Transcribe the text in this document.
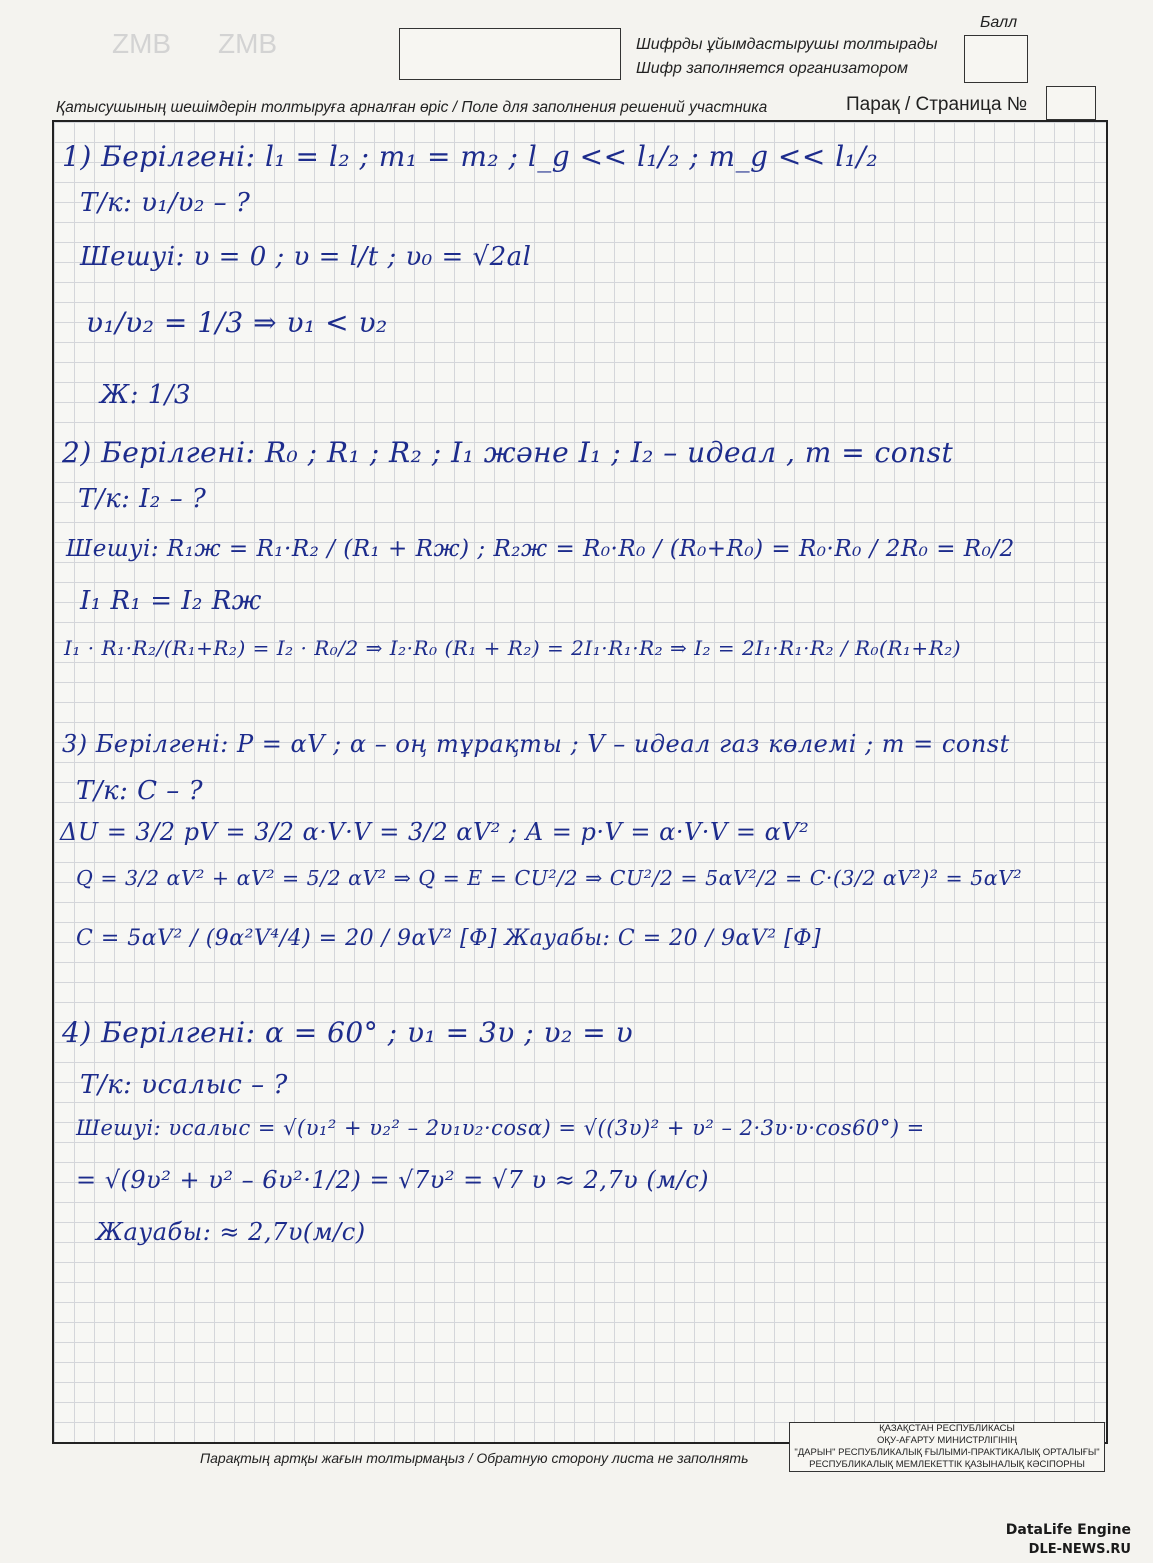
ZMB ZMB	Шифрды ұйымдастырушы толтырады
Шифр заполняется организатором
Балл
Қатысушының шешімдерін толтыруға арналған өріс / Поле для заполнения решений участника	Парақ / Страница №
1) Берілгені: l₁ = l₂ ; m₁ = m₂ ; l_g << l₁/₂ ; m_g << l₁/₂
Т/к: υ₁/υ₂ – ?
Шешуі: υ = 0 ; υ = l/t ; υ₀ = √2al
υ₁/υ₂ = 1/3 ⇒ υ₁ < υ₂
Ж: 1/3
2) Берілгені: R₀ ; R₁ ; R₂ ; I₁ және I₁ ; I₂ – идеал , m = const
Т/к: I₂ – ?
Шешуі: R₁ж = R₁·R₂ / (R₁ + Rж) ; R₂ж = R₀·R₀ / (R₀+R₀) = R₀·R₀ / 2R₀ = R₀/2
I₁ R₁ = I₂ Rж
I₁ · R₁·R₂/(R₁+R₂) = I₂ · R₀/2 ⇒ I₂·R₀ (R₁ + R₂) = 2I₁·R₁·R₂ ⇒ I₂ = 2I₁·R₁·R₂ / R₀(R₁+R₂)
3) Берілгені: P = αV ; α – оң тұрақты ; V – идеал газ көлемі ; m = const
Т/к: C – ?
ΔU = 3/2 pV = 3/2 α·V·V = 3/2 αV² ; A = p·V = α·V·V = αV²
Q = 3/2 αV² + αV² = 5/2 αV² ⇒ Q = E = CU²/2 ⇒ CU²/2 = 5αV²/2 = C·(3/2 αV²)² = 5αV²
C = 5αV² / (9α²V⁴/4) = 20 / 9αV² [Ф] Жауабы: C = 20 / 9αV² [Ф]
4) Берілгені: α = 60° ; υ₁ = 3υ ; υ₂ = υ
Т/к: υсалыс – ?
Шешуі: υсалыс = √(υ₁² + υ₂² – 2υ₁υ₂·cosα) = √((3υ)² + υ² – 2·3υ·υ·cos60°) =
= √(9υ² + υ² – 6υ²·1/2) = √7υ² = √7 υ ≈ 2,7υ (м/с)
Жауабы: ≈ 2,7υ(м/с)
Парақтың артқы жағын толтырмаңыз / Обратную сторону листа не заполнять
ҚАЗАҚСТАН РЕСПУБЛИКАСЫ
ОҚУ-АҒАРТУ МИНИСТРЛІГІНІҢ
"ДАРЫН" РЕСПУБЛИКАЛЫҚ ҒЫЛЫМИ-ПРАКТИКАЛЫҚ ОРТАЛЫҒЫ"
РЕСПУБЛИКАЛЫҚ МЕМЛЕКЕТТІК ҚАЗЫНАЛЫҚ КӘСІПОРНЫ
DataLife Engine
DLE-NEWS.RU
